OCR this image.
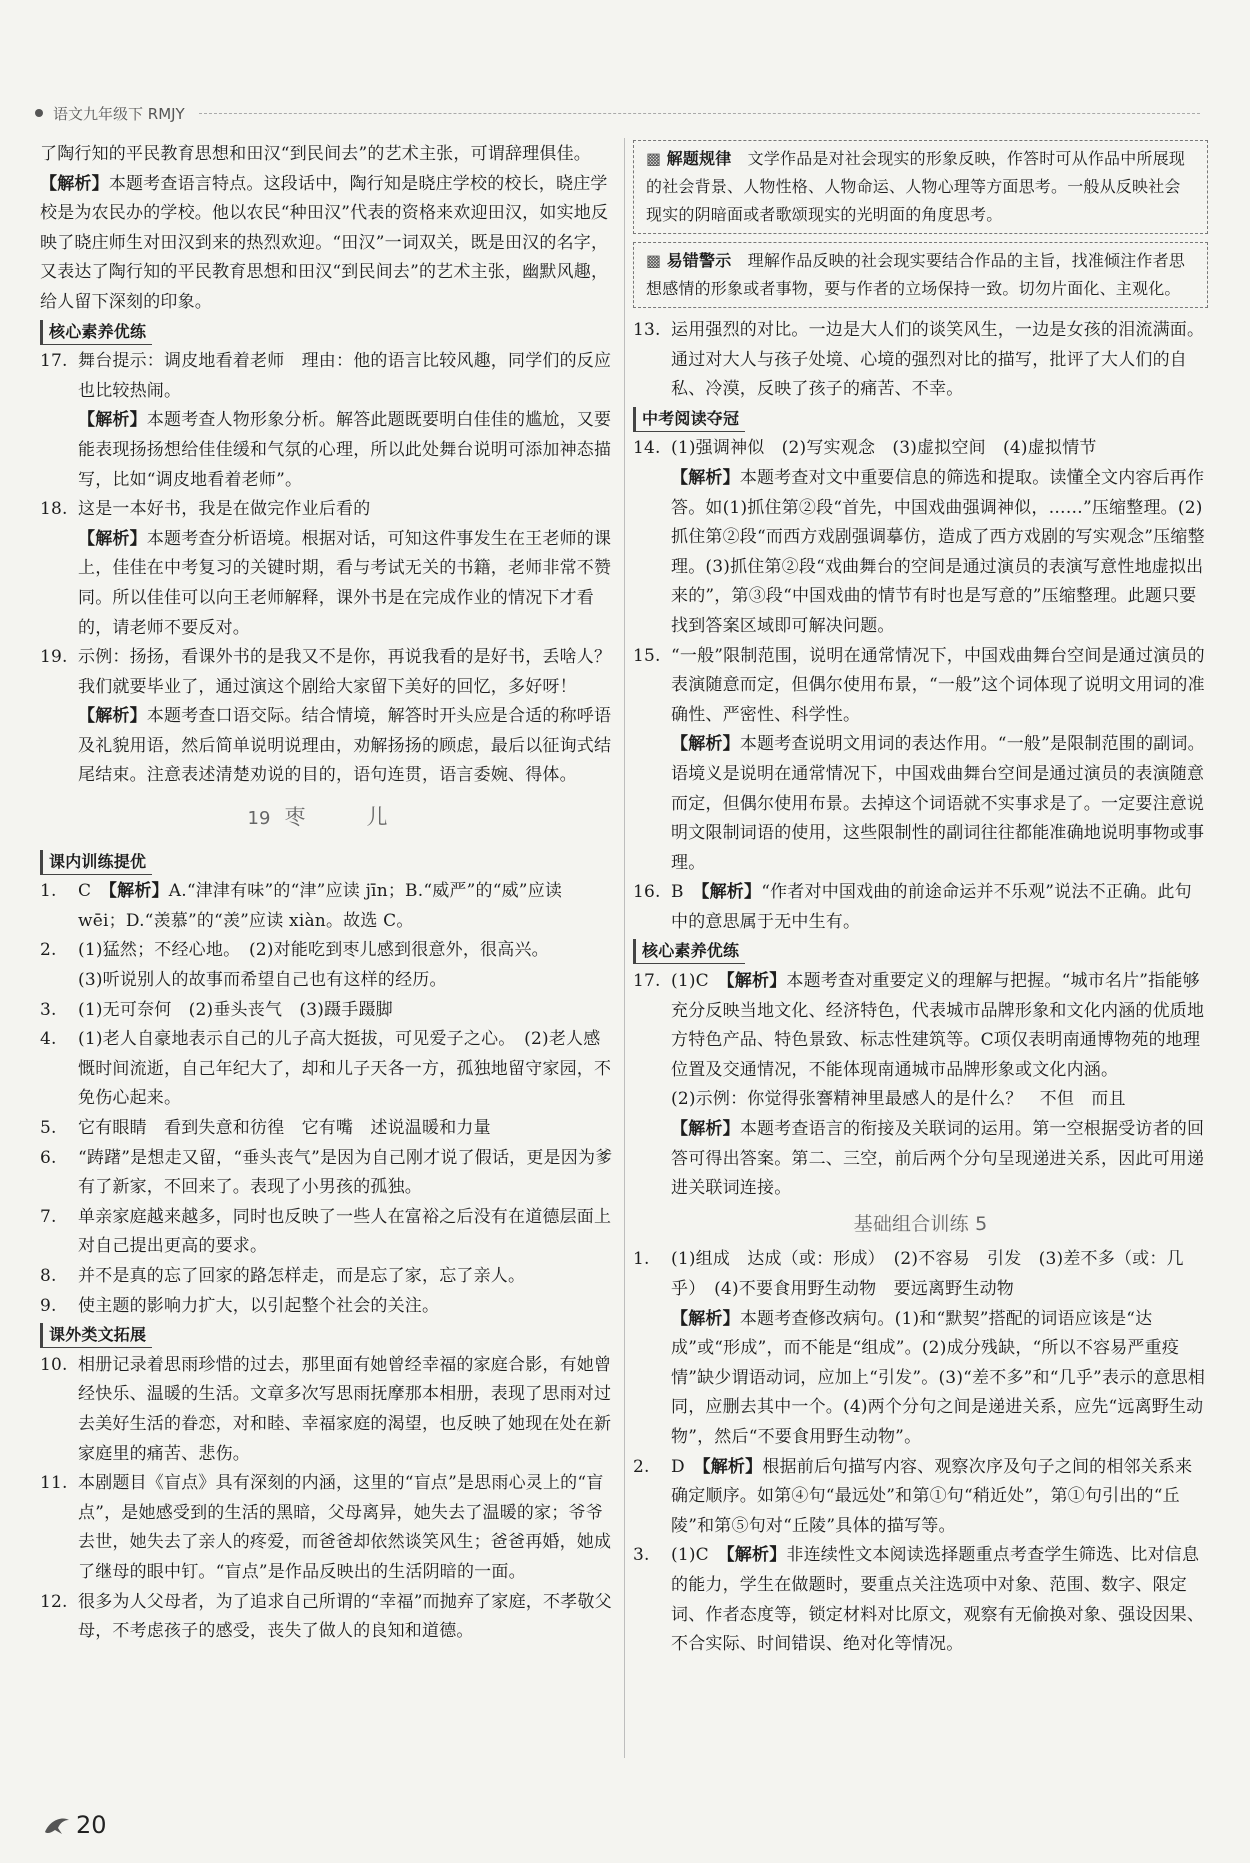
语文九年级下 RMJY

了陶行知的平民教育思想和田汉“到民间去”的艺术主张，可谓辞理俱佳。

【解析】本题考查语言特点。这段话中，陶行知是晓庄学校的校长，晓庄学校是为农民办的学校。他以农民“种田汉”代表的资格来欢迎田汉，如实地反映了晓庄师生对田汉到来的热烈欢迎。“田汉”一词双关，既是田汉的名字，又表达了陶行知的平民教育思想和田汉“到民间去”的艺术主张，幽默风趣，给人留下深刻的印象。

核心素养优练
17. 舞台提示：调皮地看着老师　理由：他的语言比较风趣，同学们的反应也比较热闹。

【解析】本题考查人物形象分析。解答此题既要明白佳佳的尴尬，又要能表现扬扬想给佳佳缓和气氛的心理，所以此处舞台说明可添加神态描写，比如“调皮地看着老师”。

18. 这是一本好书，我是在做完作业后看的

【解析】本题考查分析语境。根据对话，可知这件事发生在王老师的课上，佳佳在中考复习的关键时期，看与考试无关的书籍，老师非常不赞同。所以佳佳可以向王老师解释，课外书是在完成作业的情况下才看的，请老师不要反对。

19. 示例：扬扬，看课外书的是我又不是你，再说我看的是好书，丢啥人？我们就要毕业了，通过演这个剧给大家留下美好的回忆，多好呀！

【解析】本题考查口语交际。结合情境，解答时开头应是合适的称呼语及礼貌用语，然后简单说明说理由，劝解扬扬的顾虑，最后以征询式结尾结束。注意表述清楚劝说的目的，语句连贯，语言委婉、得体。

19 枣　儿
课内训练提优
1.	C　【解析】A.“津津有味”的“津”应读 jīn；B.“威严”的“威”应读 wēi；D.“羡慕”的“羡”应读 xiàn。故选 C。

2.	(1)猛然；不经心地。　(2)对能吃到枣儿感到很意外，很高兴。

(3)听说别人的故事而希望自己也有这样的经历。

3.	(1)无可奈何　(2)垂头丧气　(3)蹑手蹑脚

4.	(1)老人自豪地表示自己的儿子高大挺拔，可见爱子之心。　(2)老人感慨时间流逝，自己年纪大了，却和儿子天各一方，孤独地留守家园，不免伤心起来。

5.	它有眼睛　看到失意和彷徨　它有嘴　述说温暖和力量

6.	“踌躇”是想走又留，“垂头丧气”是因为自己刚才说了假话，更是因为爹有了新家，不回来了。表现了小男孩的孤独。

7.	单亲家庭越来越多，同时也反映了一些人在富裕之后没有在道德层面上对自己提出更高的要求。

8.	并不是真的忘了回家的路怎样走，而是忘了家，忘了亲人。

9.	使主题的影响力扩大，以引起整个社会的关注。

课外类文拓展
10. 相册记录着思雨珍惜的过去，那里面有她曾经幸福的家庭合影，有她曾经快乐、温暖的生活。文章多次写思雨抚摩那本相册，表现了思雨对过去美好生活的眷恋，对和睦、幸福家庭的渴望，也反映了她现在处在新家庭里的痛苦、悲伤。

11. 本剧题目《盲点》具有深刻的内涵，这里的“盲点”是思雨心灵上的“盲点”，是她感受到的生活的黑暗，父母离异，她失去了温暖的家；爷爷去世，她失去了亲人的疼爱，而爸爸却依然谈笑风生；爸爸再婚，她成了继母的眼中钉。“盲点”是作品反映出的生活阴暗的一面。

12. 很多为人父母者，为了追求自己所谓的“幸福”而抛弃了家庭，不孝敬父母，不考虑孩子的感受，丧失了做人的良知和道德。

▩ 解题规律　 文学作品是对社会现实的形象反映，作答时可从作品中所展现的社会背景、人物性格、人物命运、人物心理等方面思考。一般从反映社会现实的阴暗面或者歌颂现实的光明面的角度思考。
▩ 易错警示　 理解作品反映的社会现实要结合作品的主旨，找准倾注作者思想感情的形象或者事物，要与作者的立场保持一致。切勿片面化、主观化。
13. 运用强烈的对比。一边是大人们的谈笑风生，一边是女孩的泪流满面。通过对大人与孩子处境、心境的强烈对比的描写，批评了大人们的自私、冷漠，反映了孩子的痛苦、不幸。

中考阅读夺冠
14. (1)强调神似　(2)写实观念　(3)虚拟空间　(4)虚拟情节

【解析】本题考查对文中重要信息的筛选和提取。读懂全文内容后再作答。如(1)抓住第②段“首先，中国戏曲强调神似，……”压缩整理。(2)抓住第②段“而西方戏剧强调摹仿，造成了西方戏剧的写实观念”压缩整理。(3)抓住第②段“戏曲舞台的空间是通过演员的表演写意性地虚拟出来的”，第③段“中国戏曲的情节有时也是写意的”压缩整理。此题只要找到答案区域即可解决问题。

15. “一般”限制范围，说明在通常情况下，中国戏曲舞台空间是通过演员的表演随意而定，但偶尔使用布景，“一般”这个词体现了说明文用词的准确性、严密性、科学性。

【解析】本题考查说明文用词的表达作用。“一般”是限制范围的副词。语境义是说明在通常情况下，中国戏曲舞台空间是通过演员的表演随意而定，但偶尔使用布景。去掉这个词语就不实事求是了。一定要注意说明文限制词语的使用，这些限制性的副词往往都能准确地说明事物或事理。

16. B　【解析】“作者对中国戏曲的前途命运并不乐观”说法不正确。此句中的意思属于无中生有。

核心素养优练
17. (1)C　【解析】本题考查对重要定义的理解与把握。“城市名片”指能够充分反映当地文化、经济特色，代表城市品牌形象和文化内涵的优质地方特色产品、特色景致、标志性建筑等。C项仅表明南通博物苑的地理位置及交通情况，不能体现南通城市品牌形象或文化内涵。

(2)示例：你觉得张謇精神里最感人的是什么？　不但　而且

【解析】本题考查语言的衔接及关联词的运用。第一空根据受访者的回答可得出答案。第二、三空，前后两个分句呈现递进关系，因此可用递进关联词连接。

基础组合训练 5
1.	(1)组成　达成（或：形成）　(2)不容易　引发　(3)差不多（或：几乎）　(4)不要食用野生动物　要远离野生动物

【解析】本题考查修改病句。(1)和“默契”搭配的词语应该是“达成”或“形成”，而不能是“组成”。(2)成分残缺，“所以不容易严重疫情”缺少谓语动词，应加上“引发”。(3)“差不多”和“几乎”表示的意思相同，应删去其中一个。(4)两个分句之间是递进关系，应先“远离野生动物”，然后“不要食用野生动物”。

2.	D　【解析】根据前后句描写内容、观察次序及句子之间的相邻关系来确定顺序。如第④句“最远处”和第①句“稍近处”，第①句引出的“丘陵”和第⑤句对“丘陵”具体的描写等。

3.	(1)C　【解析】非连续性文本阅读选择题重点考查学生筛选、比对信息的能力，学生在做题时，要重点关注选项中对象、范围、数字、限定词、作者态度等，锁定材料对比原文，观察有无偷换对象、强设因果、不合实际、时间错误、绝对化等情况。

20
